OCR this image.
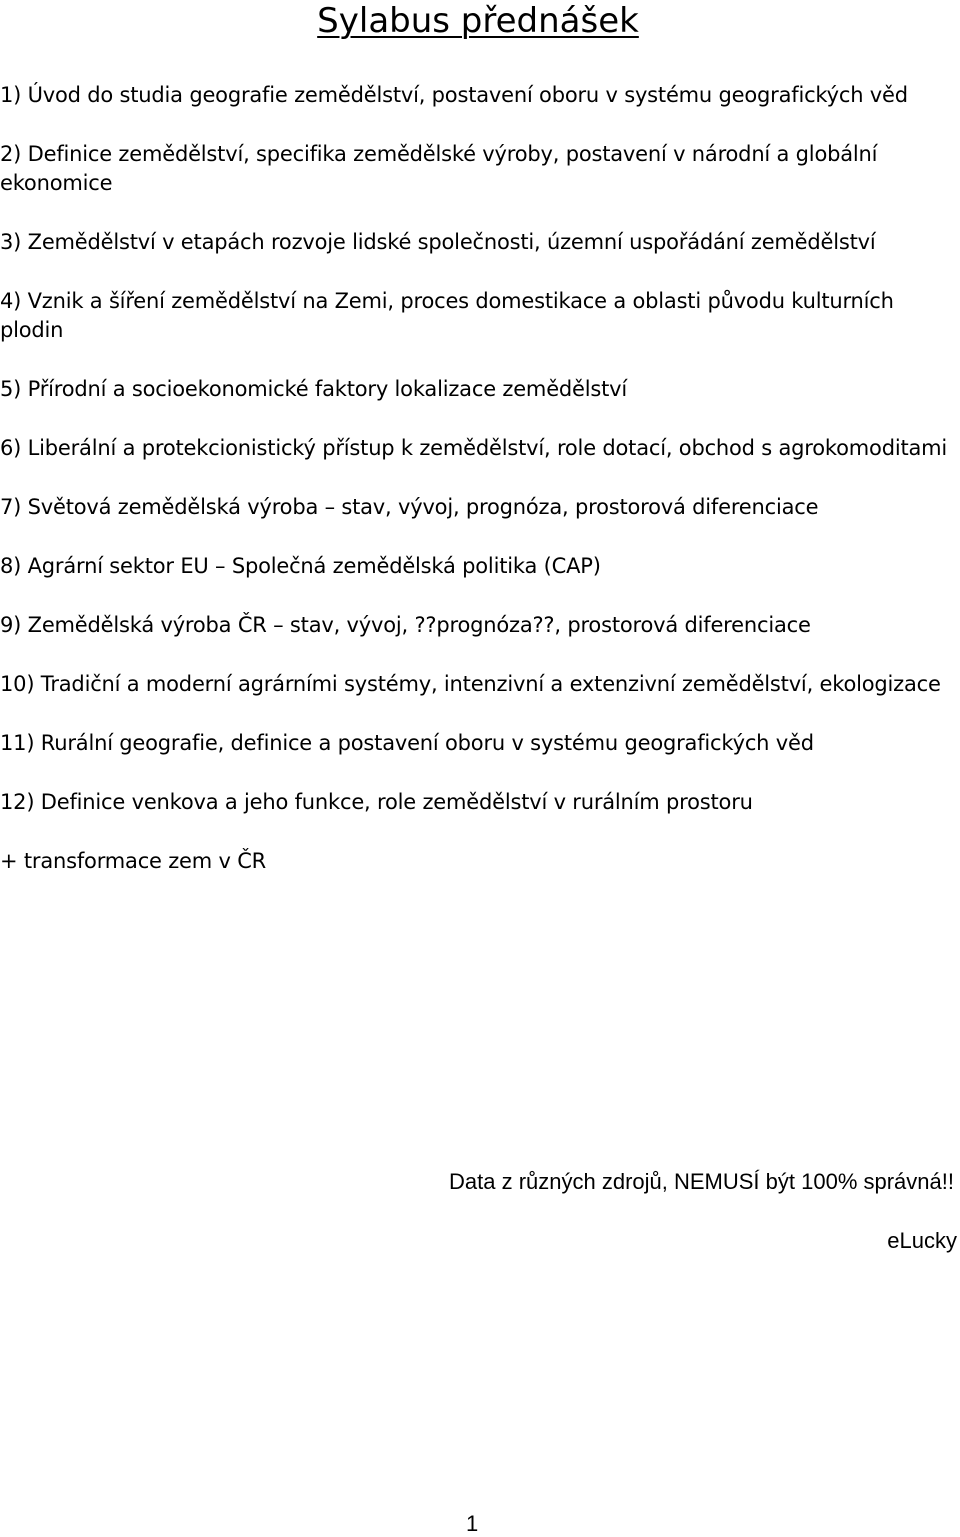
Sylabus přednášek
1) Úvod do studia geografie zemědělství, postavení oboru v systému geografických věd
2) Definice zemědělství, specifika zemědělské výroby, postavení v národní a globální ekonomice
3) Zemědělství v etapách rozvoje lidské společnosti, územní uspořádání zemědělství
4) Vznik a šíření zemědělství na Zemi, proces domestikace a oblasti původu kulturních plodin
5) Přírodní a socioekonomické faktory lokalizace zemědělství
6) Liberální a protekcionistický přístup k zemědělství, role dotací, obchod s agrokomoditami
7) Světová zemědělská výroba – stav, vývoj, prognóza, prostorová diferenciace
8) Agrární sektor EU – Společná zemědělská politika (CAP)
9) Zemědělská výroba ČR – stav, vývoj, ??prognóza??, prostorová diferenciace
10) Tradiční a moderní agrárními systémy, intenzivní a extenzivní zemědělství, ekologizace
11) Rurální geografie, definice a postavení oboru v systému geografických věd
12) Definice venkova a jeho funkce, role zemědělství v rurálním prostoru
+ transformace zem v ČR

Data z různých zdrojů, NEMUSÍ být 100% správná!!

eLucky

1
